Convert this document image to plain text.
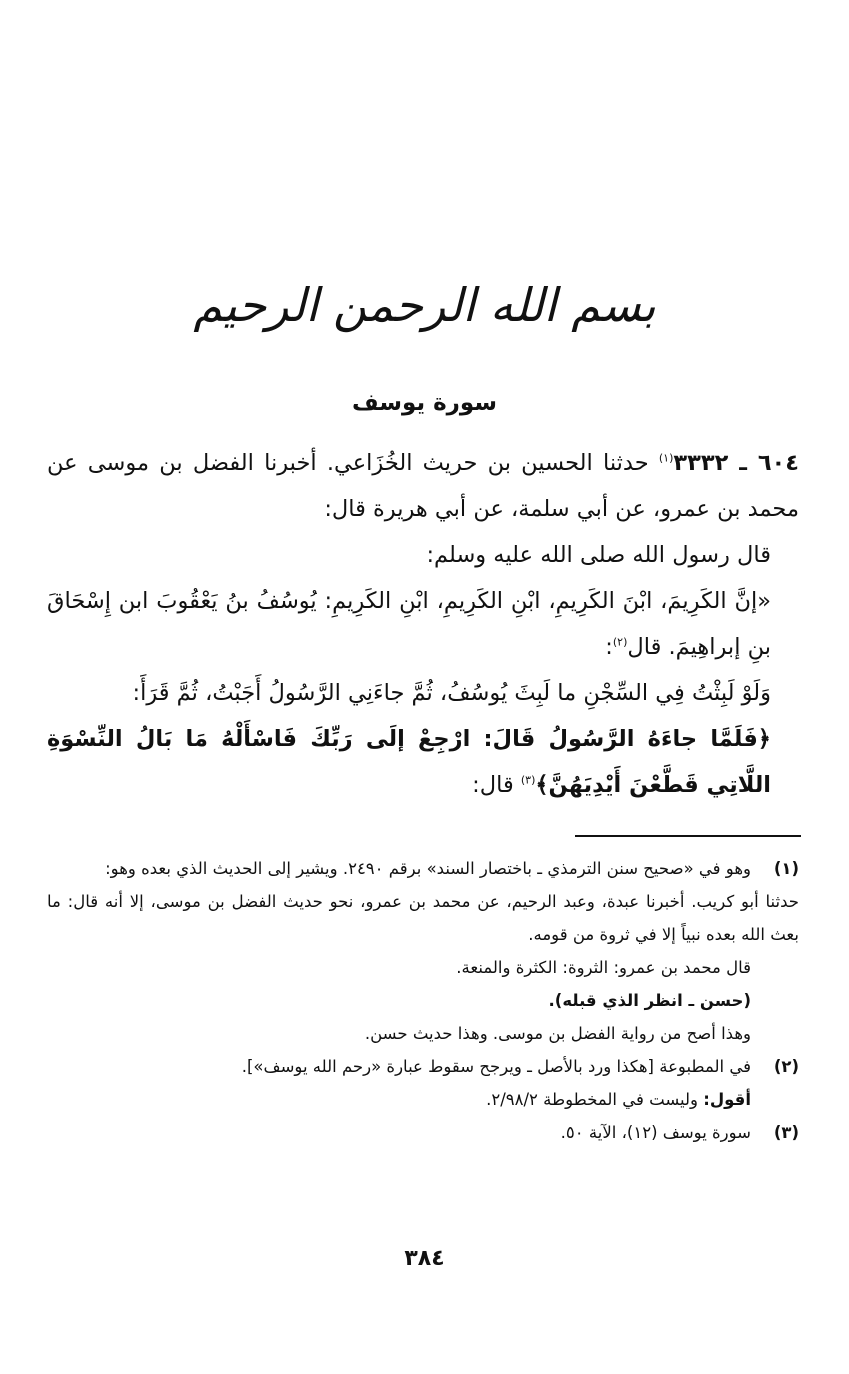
بسم الله الرحمن الرحيم
سورة يوسف

٦٠٤ ـ ٣٣٣٢$^{(١)}$ حدثنا الحسين بن حريث الخُزَاعي. أخبرنا الفضل بن موسى عن محمد بن عمرو، عن أبي سلمة، عن أبي هريرة قال:

قال رسول الله صلى الله عليه وسلم:

«إنَّ الكَرِيمَ، ابْنَ الكَرِيمِ، ابْنِ الكَرِيمِ، ابْنِ الكَرِيمِ: يُوسُفُ بنُ يَعْقُوبَ ابن إِسْحَاقَ بنِ إبراهِيمَ. قال$^{(٢)}$:

وَلَوْ لَبِثْتُ فِي السِّجْنِ ما لَبِثَ يُوسُفُ، ثُمَّ جاءَنِي الرَّسُولُ أَجَبْتُ، ثُمَّ قَرَأَ:

﴿فَلَمَّا جاءَهُ الرَّسُولُ قَالَ: ارْجِعْ إلَى رَبِّكَ فَاسْأَلْهُ مَا بَالُ النِّسْوَةِ اللَّاتِي قَطَّعْنَ أَيْدِيَهُنَّ﴾$^{(٣)}$ قال:

(١)

وهو في «صحيح سنن الترمذي ـ باختصار السند» برقم ٢٤٩٠. ويشير إلى الحديث الذي بعده وهو:

حدثنا أبو كريب. أخبرنا عبدة، وعبد الرحيم، عن محمد بن عمرو، نحو حديث الفضل بن موسى، إلا أنه قال: ما بعث الله بعده نبياً إلا في ثروة من قومه.

قال محمد بن عمرو: الثروة: الكثرة والمنعة.

(حسن ـ انظر الذي قبله).

وهذا أصح من رواية الفضل بن موسى. وهذا حديث حسن.

(٢)

في المطبوعة [هكذا ورد بالأصل ـ ويرجح سقوط عبارة «رحم الله يوسف»].

أقول: وليست في المخطوطة ٢/٩٨/٢.

(٣)

سورة يوسف (١٢)، الآية ٥٠.

٣٨٤
